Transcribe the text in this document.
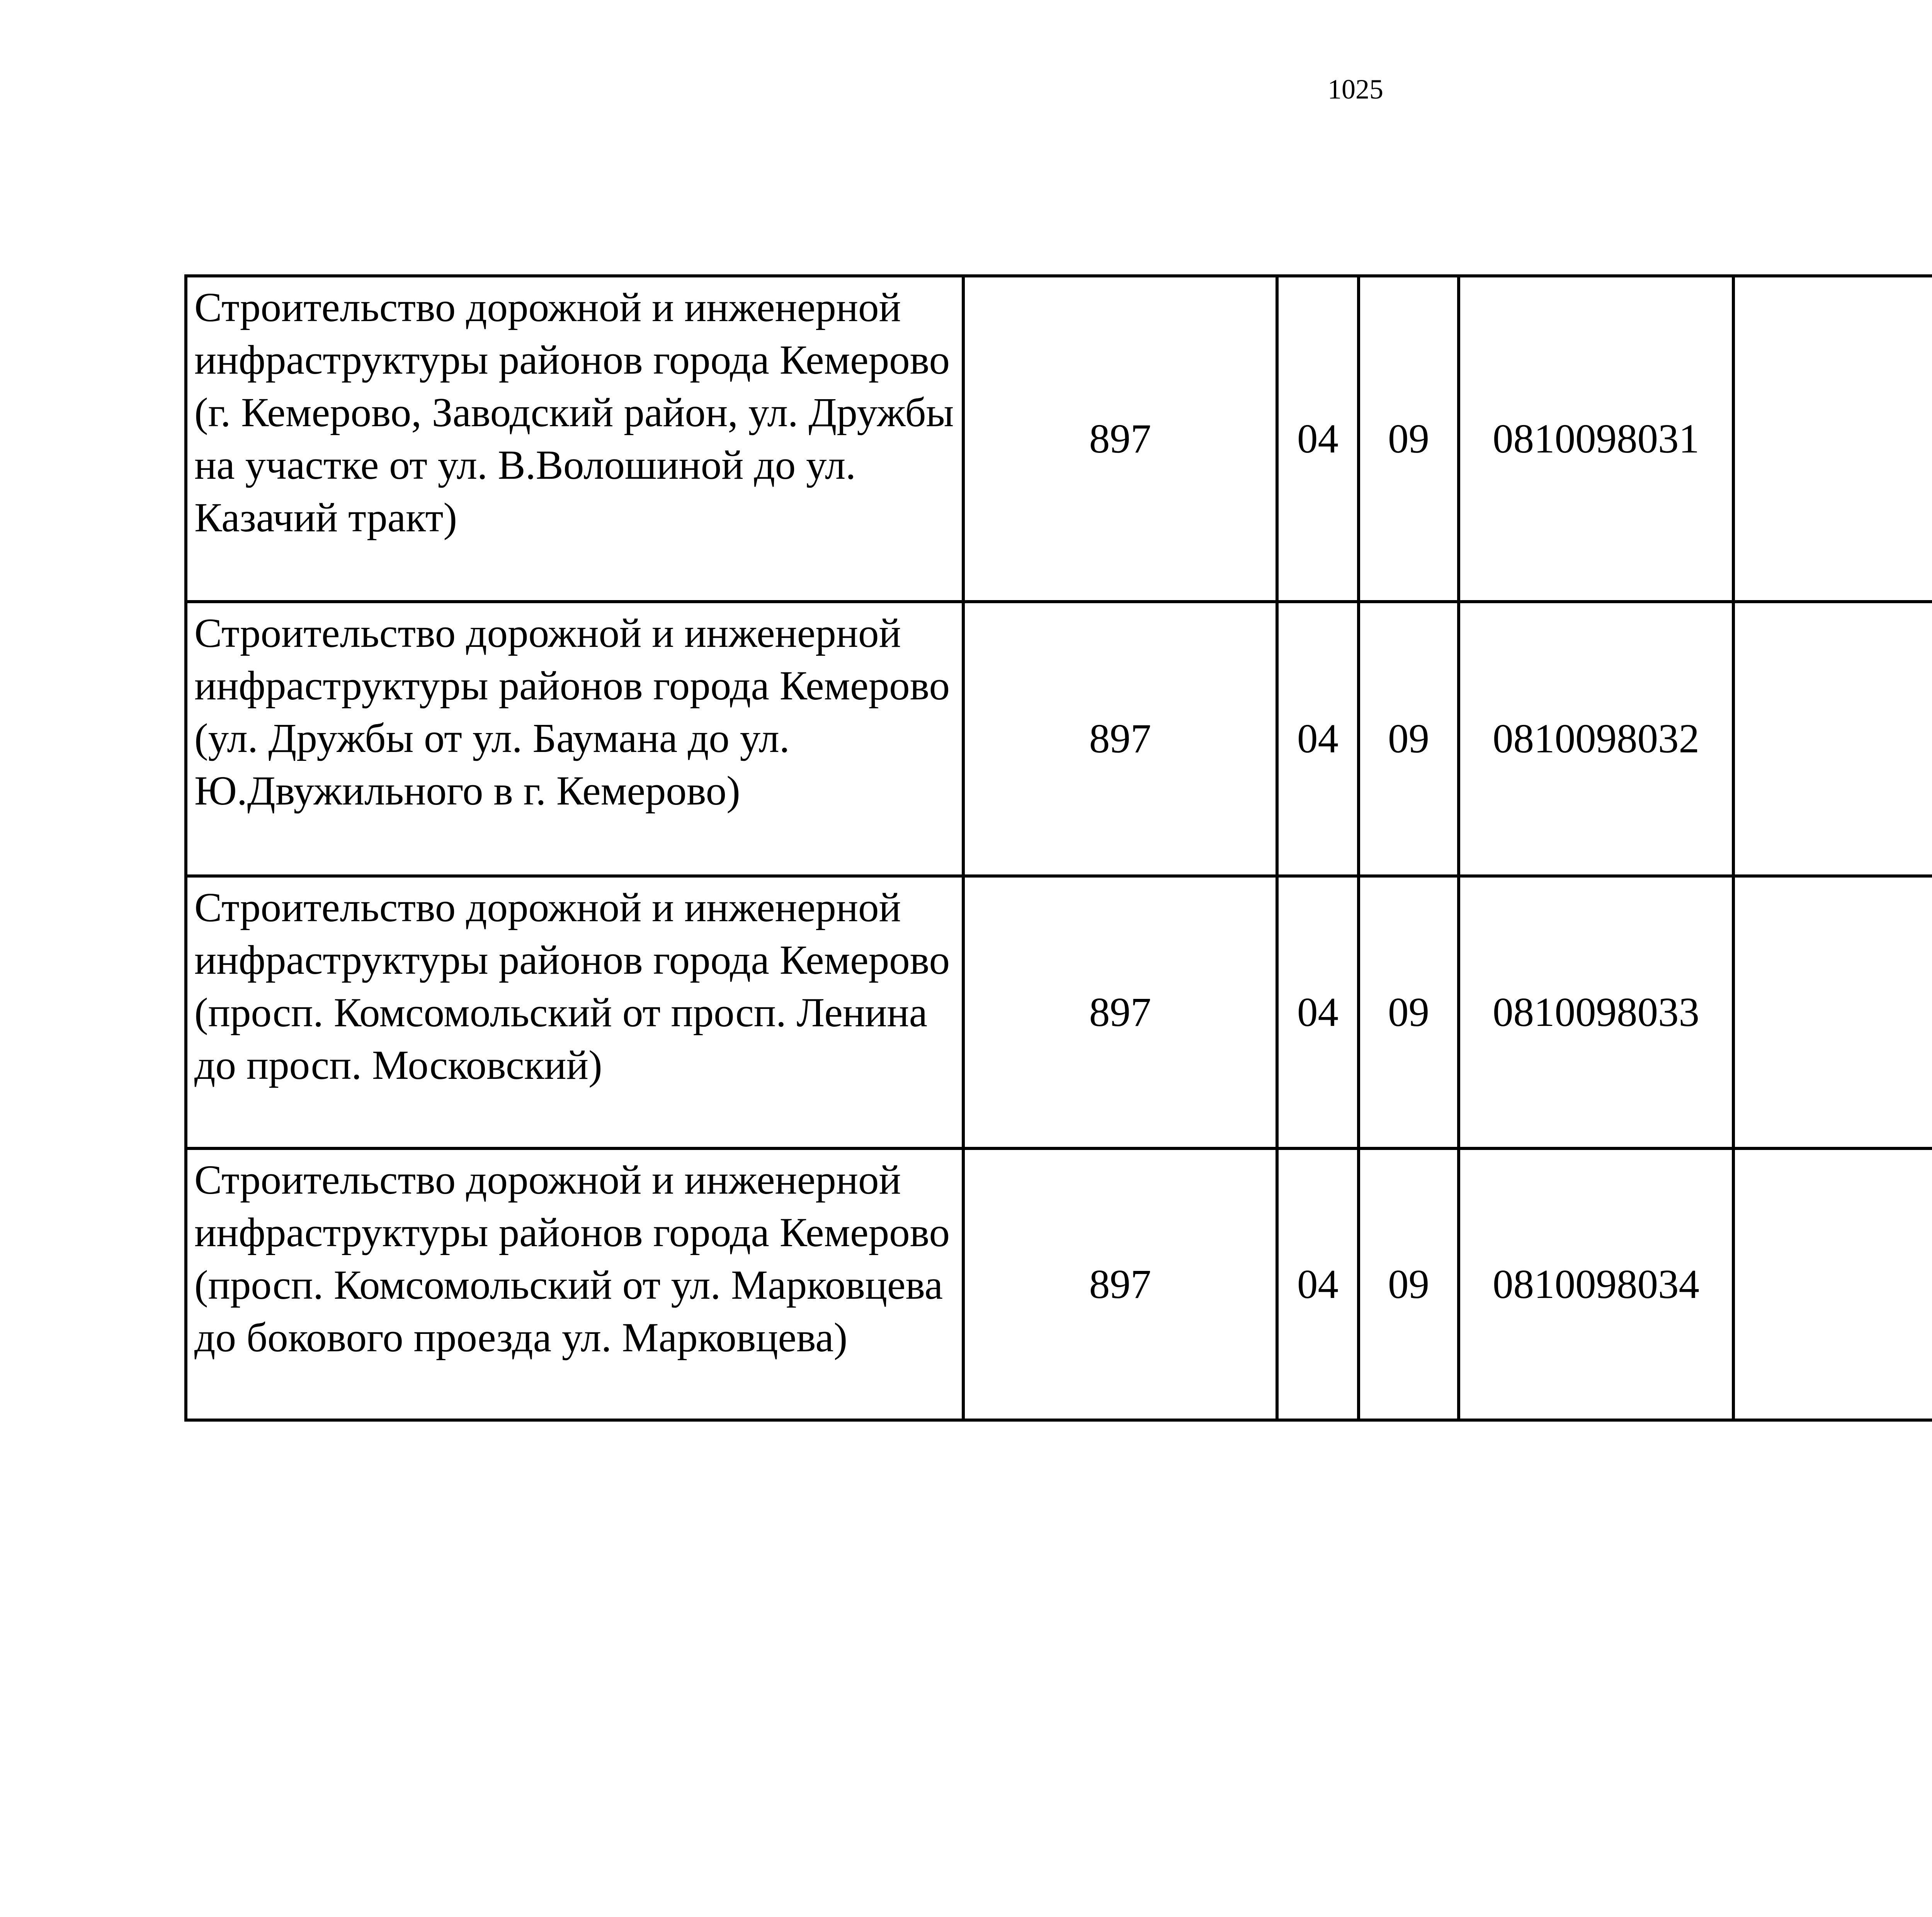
1025
Строительство дорожной и инженерной инфраструктуры районов города Кемерово (г. Кемерово, Заводский район, ул. Дружбы на участке от ул. В.Волошиной до ул. Казачий тракт)	897	04	09	0810098031			
Строительство дорожной и инженерной инфраструктуры районов города Кемерово (ул. Дружбы от ул. Баумана до ул. Ю.Двужильного в г. Кемерово)	897	04	09	0810098032			
Строительство дорожной и инженерной инфраструктуры районов города Кемерово (просп. Комсомольский от просп. Ленина до просп. Московский)	897	04	09	0810098033			
Строительство дорожной и инженерной инфраструктуры районов города Кемерово (просп. Комсомольский от ул. Марковцева до бокового проезда ул. Марковцева)	897	04	09	0810098034			
